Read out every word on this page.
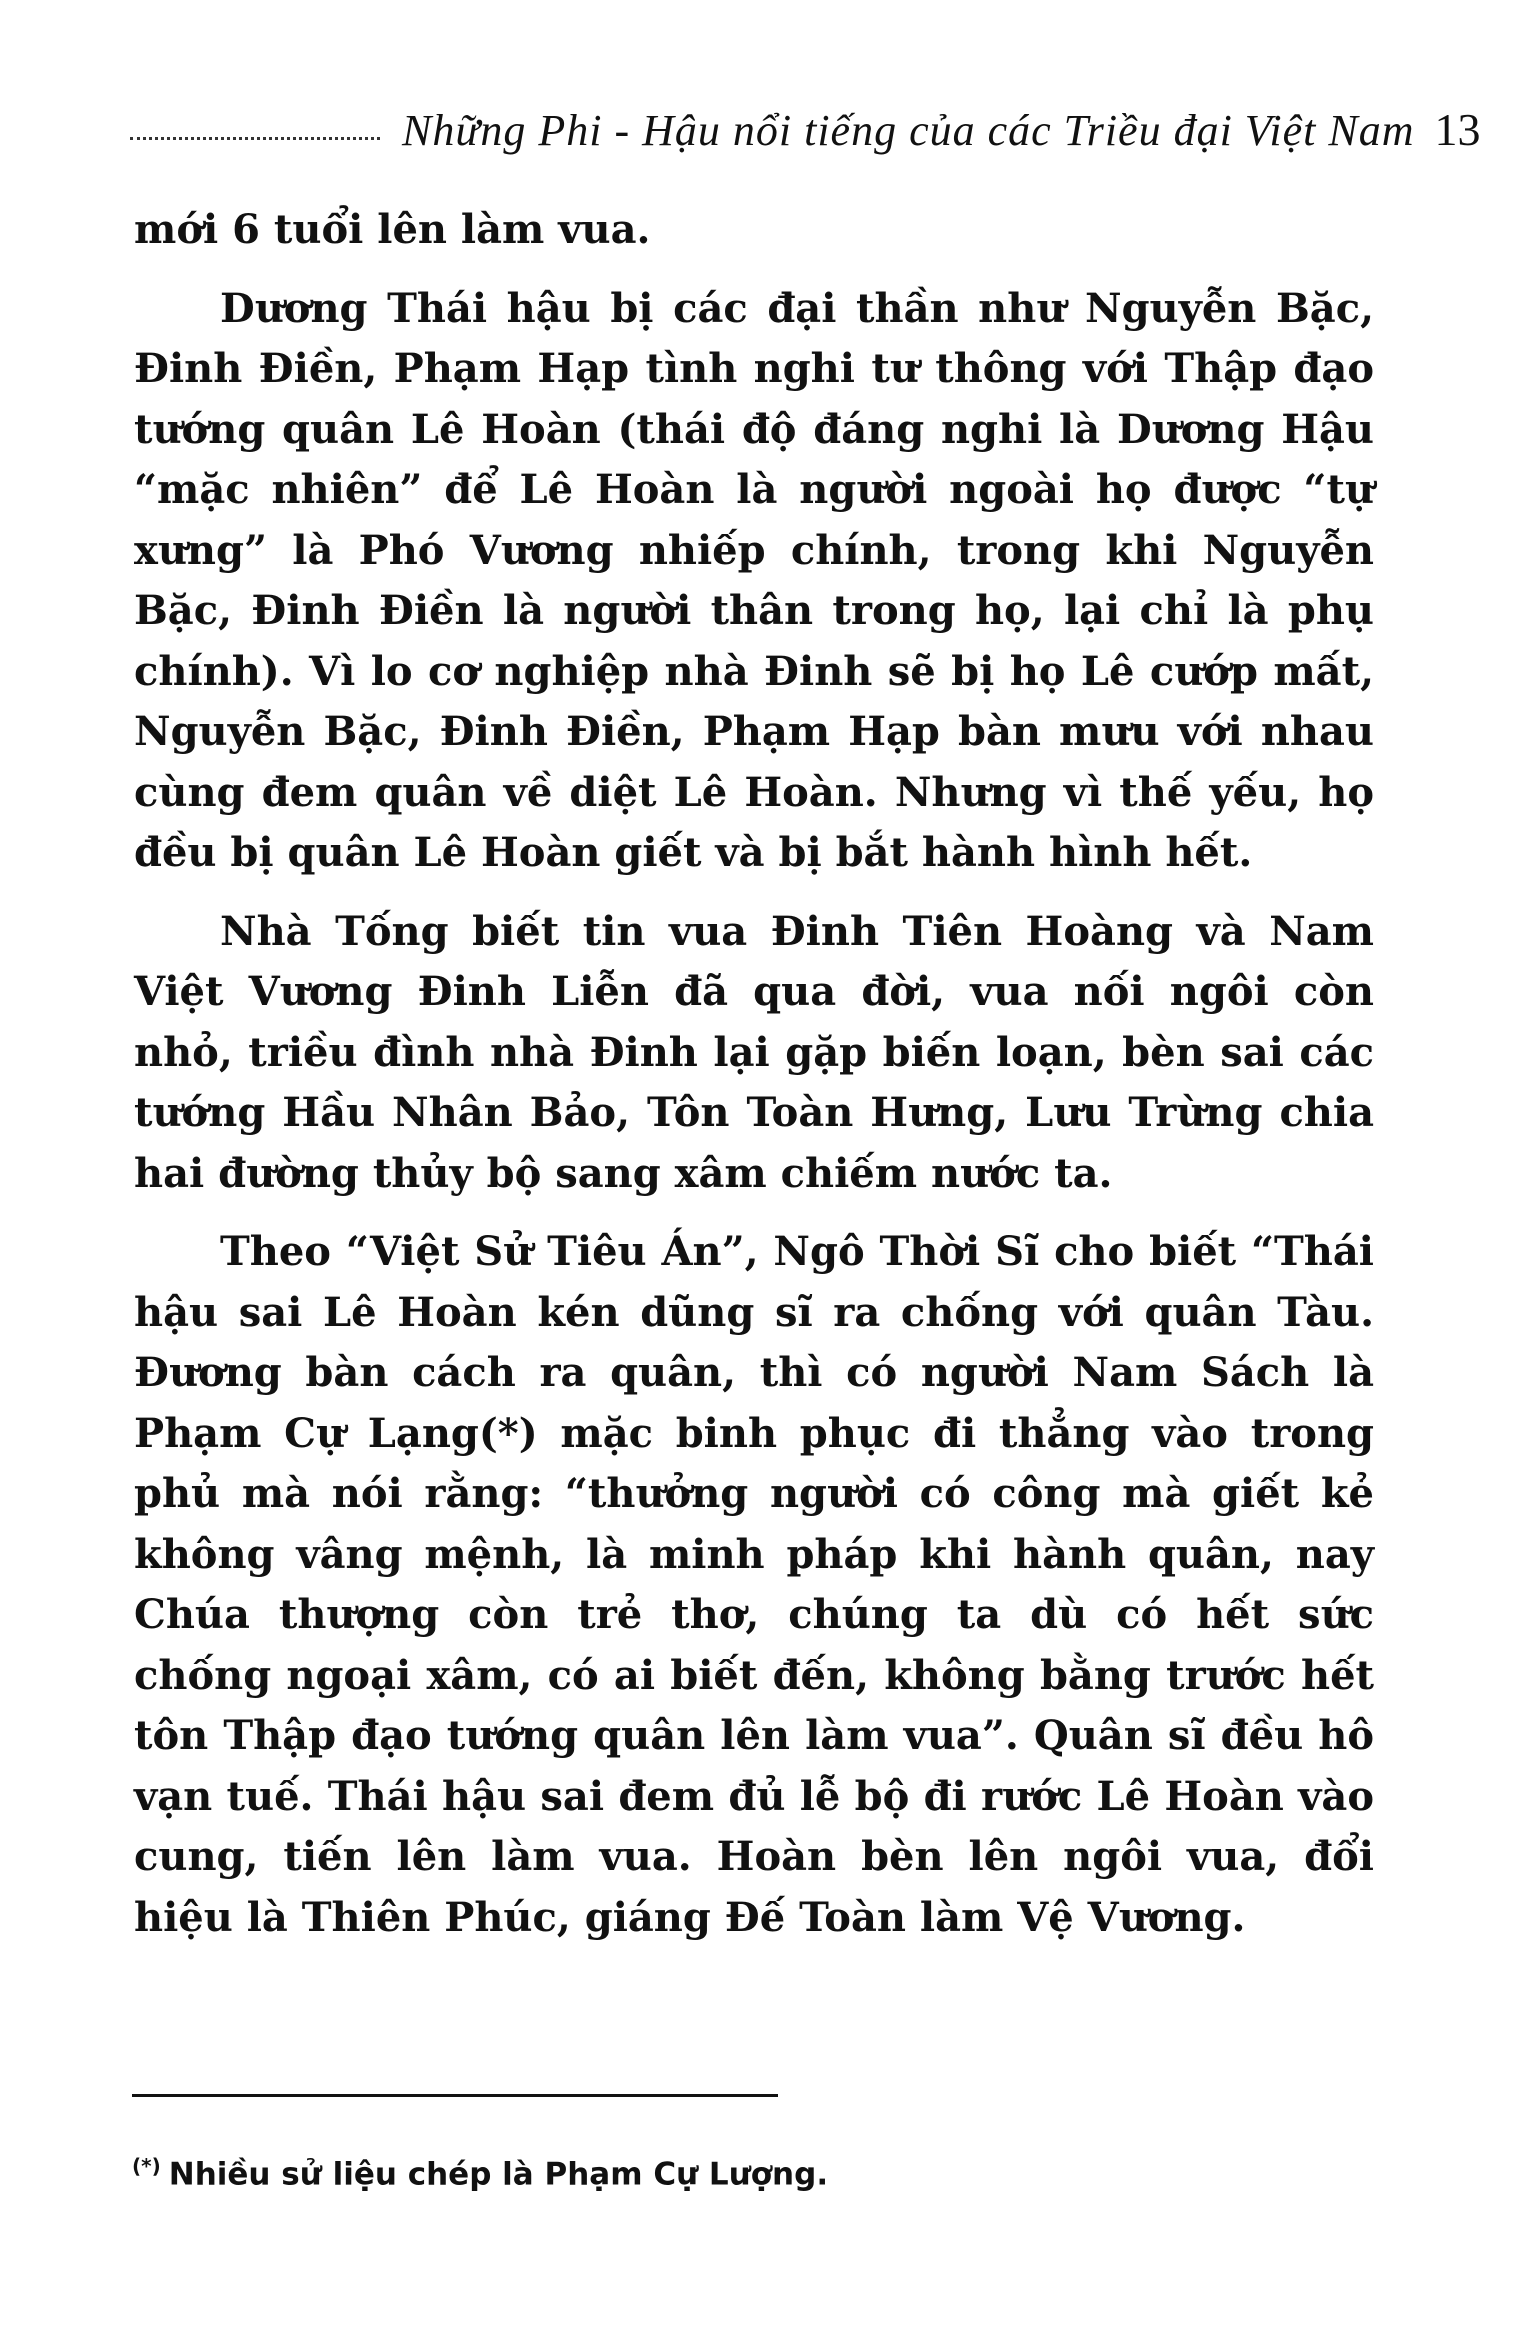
Những Phi - Hậu nổi tiếng của các Triều đại Việt Nam 13

mới 6 tuổi lên làm vua.

Dương Thái hậu bị các đại thần như Nguyễn Bặc, Đinh Điền, Phạm Hạp tình nghi tư thông với Thập đạo tướng quân Lê Hoàn (thái độ đáng nghi là Dương Hậu “mặc nhiên” để Lê Hoàn là người ngoài họ được “tự xưng” là Phó Vương nhiếp chính, trong khi Nguyễn Bặc, Đinh Điền là người thân trong họ, lại chỉ là phụ chính). Vì lo cơ nghiệp nhà Đinh sẽ bị họ Lê cướp mất, Nguyễn Bặc, Đinh Điền, Phạm Hạp bàn mưu với nhau cùng đem quân về diệt Lê Hoàn. Nhưng vì thế yếu, họ đều bị quân Lê Hoàn giết và bị bắt hành hình hết.

Nhà Tống biết tin vua Đinh Tiên Hoàng và Nam Việt Vương Đinh Liễn đã qua đời, vua nối ngôi còn nhỏ, triều đình nhà Đinh lại gặp biến loạn, bèn sai các tướng Hầu Nhân Bảo, Tôn Toàn Hưng, Lưu Trừng chia hai đường thủy bộ sang xâm chiếm nước ta.

Theo “Việt Sử Tiêu Án”, Ngô Thời Sĩ cho biết “Thái hậu sai Lê Hoàn kén dũng sĩ ra chống với quân Tàu. Đương bàn cách ra quân, thì có người Nam Sách là Phạm Cự Lạng(*) mặc binh phục đi thẳng vào trong phủ mà nói rằng: “thưởng người có công mà giết kẻ không vâng mệnh, là minh pháp khi hành quân, nay Chúa thượng còn trẻ thơ, chúng ta dù có hết sức chống ngoại xâm, có ai biết đến, không bằng trước hết tôn Thập đạo tướng quân lên làm vua”. Quân sĩ đều hô vạn tuế. Thái hậu sai đem đủ lễ bộ đi rước Lê Hoàn vào cung, tiến lên làm vua. Hoàn bèn lên ngôi vua, đổi hiệu là Thiên Phúc, giáng Đế Toàn làm Vệ Vương.

(*) Nhiều sử liệu chép là Phạm Cự Lượng.
